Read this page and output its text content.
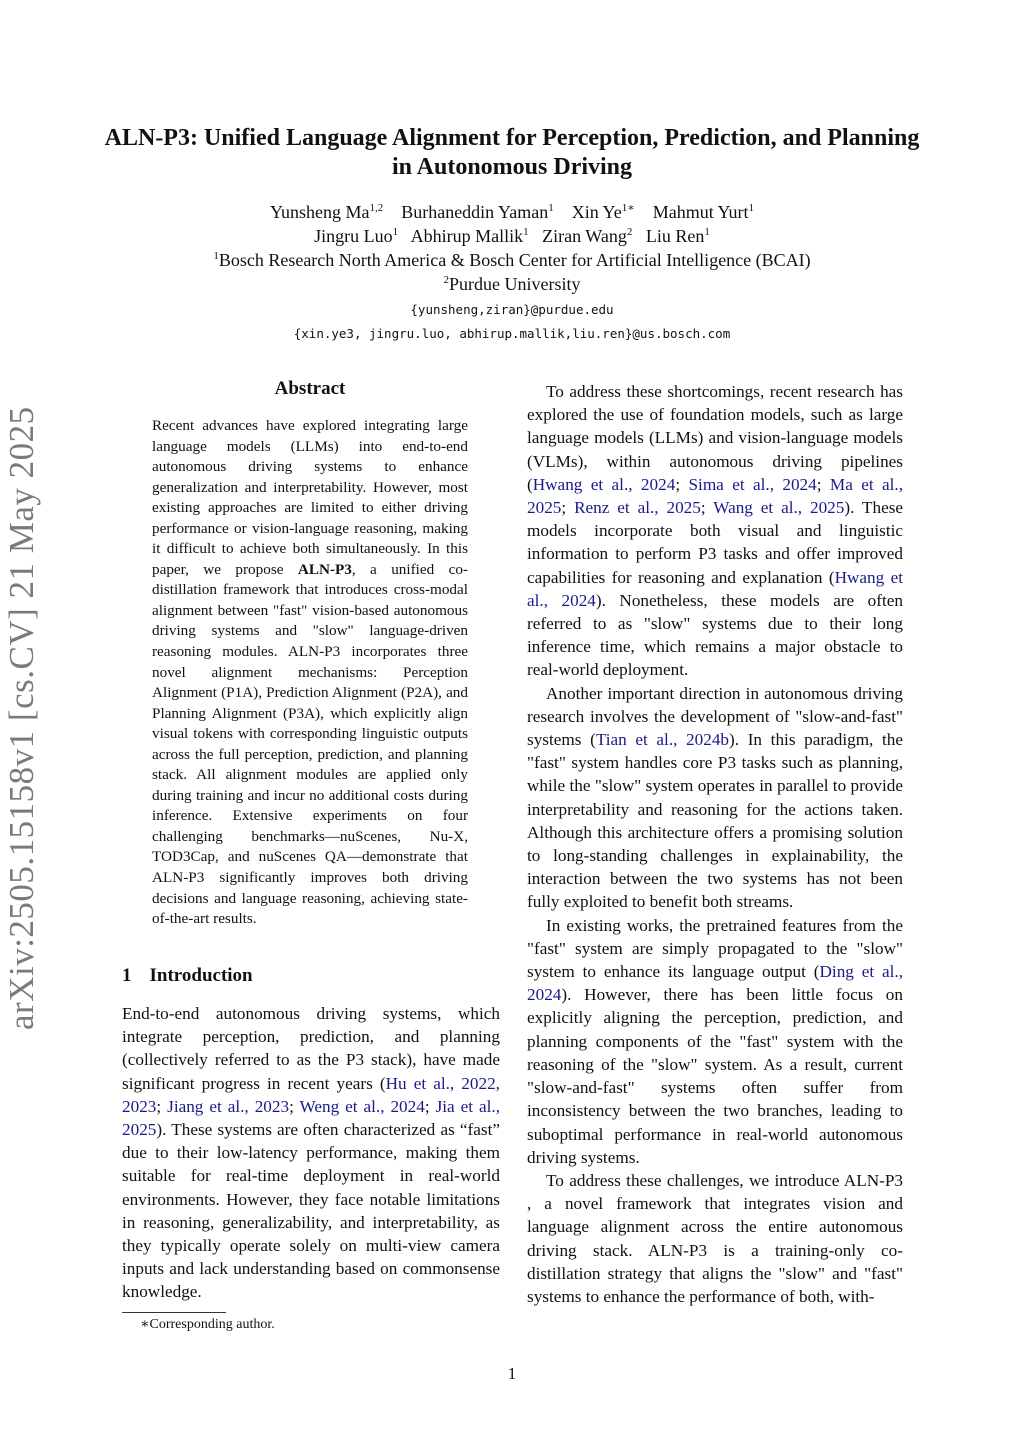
arXiv:2505.15158v1 [cs.CV] 21 May 2025
ALN-P3: Unified Language Alignment for Perception, Prediction, and Planning in Autonomous Driving
Yunsheng Ma$^{1,2}$ Burhaneddin Yaman$^1$ Xin $Ye^{1∗}$ Mahmut Yurt$^1$
Jingru Luo$^1$ Abhirup Mallik$^1$ Ziran Wang$^2$ Liu Ren$^1$
$^1$Bosch Research North America & Bosch Center for Artificial Intelligence (BCAI)
$^2$Purdue University
{yunsheng,ziran}@purdue.edu
{xin.ye3, jingru.luo, abhirup.mallik,liu.ren}@us.bosch.com
Abstract
Recent advances have explored integrating large language models (LLMs) into end-to-end autonomous driving systems to enhance generalization and interpretability. However, most existing approaches are limited to either driving performance or vision-language reasoning, making it difficult to achieve both simultaneously. In this paper, we propose ALN-P3, a unified co-distillation framework that introduces cross-modal alignment between "fast" vision-based autonomous driving systems and "slow" language-driven reasoning modules. ALN-P3 incorporates three novel alignment mechanisms: Perception Alignment (P1A), Prediction Alignment (P2A), and Planning Alignment (P3A), which explicitly align visual tokens with corresponding linguistic outputs across the full perception, prediction, and planning stack. All alignment modules are applied only during training and incur no additional costs during inference. Extensive experiments on four challenging benchmarks—nuScenes, Nu-X, TOD3Cap, and nuScenes QA—demonstrate that ALN-P3 significantly improves both driving decisions and language reasoning, achieving state-of-the-art results.
1 Introduction

End-to-end autonomous driving systems, which integrate perception, prediction, and planning (collectively referred to as the P3 stack), have made significant progress in recent years (Hu et al., 2022, 2023; Jiang et al., 2023; Weng et al., 2024; Jia et al., 2025). These systems are often characterized as “fast” due to their low-latency performance, making them suitable for real-time deployment in real-world environments. However, they face notable limitations in reasoning, generalizability, and interpretability, as they typically operate solely on multi-view camera inputs and lack understanding based on commonsense knowledge.

∗Corresponding author.

To address these shortcomings, recent research has explored the use of foundation models, such as large language models (LLMs) and vision-language models (VLMs), within autonomous driving pipelines (Hwang et al., 2024; Sima et al., 2024; Ma et al., 2025; Renz et al., 2025; Wang et al., 2025). These models incorporate both visual and linguistic information to perform P3 tasks and offer improved capabilities for reasoning and explanation (Hwang et al., 2024). Nonetheless, these models are often referred to as "slow" systems due to their long inference time, which remains a major obstacle to real-world deployment.

Another important direction in autonomous driving research involves the development of "slow-and-fast" systems (Tian et al., 2024b). In this paradigm, the "fast" system handles core P3 tasks such as planning, while the "slow" system operates in parallel to provide interpretability and reasoning for the actions taken. Although this architecture offers a promising solution to long-standing challenges in explainability, the interaction between the two systems has not been fully exploited to benefit both streams.

In existing works, the pretrained features from the "fast" system are simply propagated to the "slow" system to enhance its language output (Ding et al., 2024). However, there has been little focus on explicitly aligning the perception, prediction, and planning components of the "fast" system with the reasoning of the "slow" system. As a result, current "slow-and-fast" systems often suffer from inconsistency between the two branches, leading to suboptimal performance in real-world autonomous driving systems.

To address these challenges, we introduce ALN-P3 , a novel framework that integrates vision and language alignment across the entire autonomous driving stack. ALN-P3 is a training-only co-distillation strategy that aligns the "slow" and "fast" systems to enhance the performance of both, with-

1
